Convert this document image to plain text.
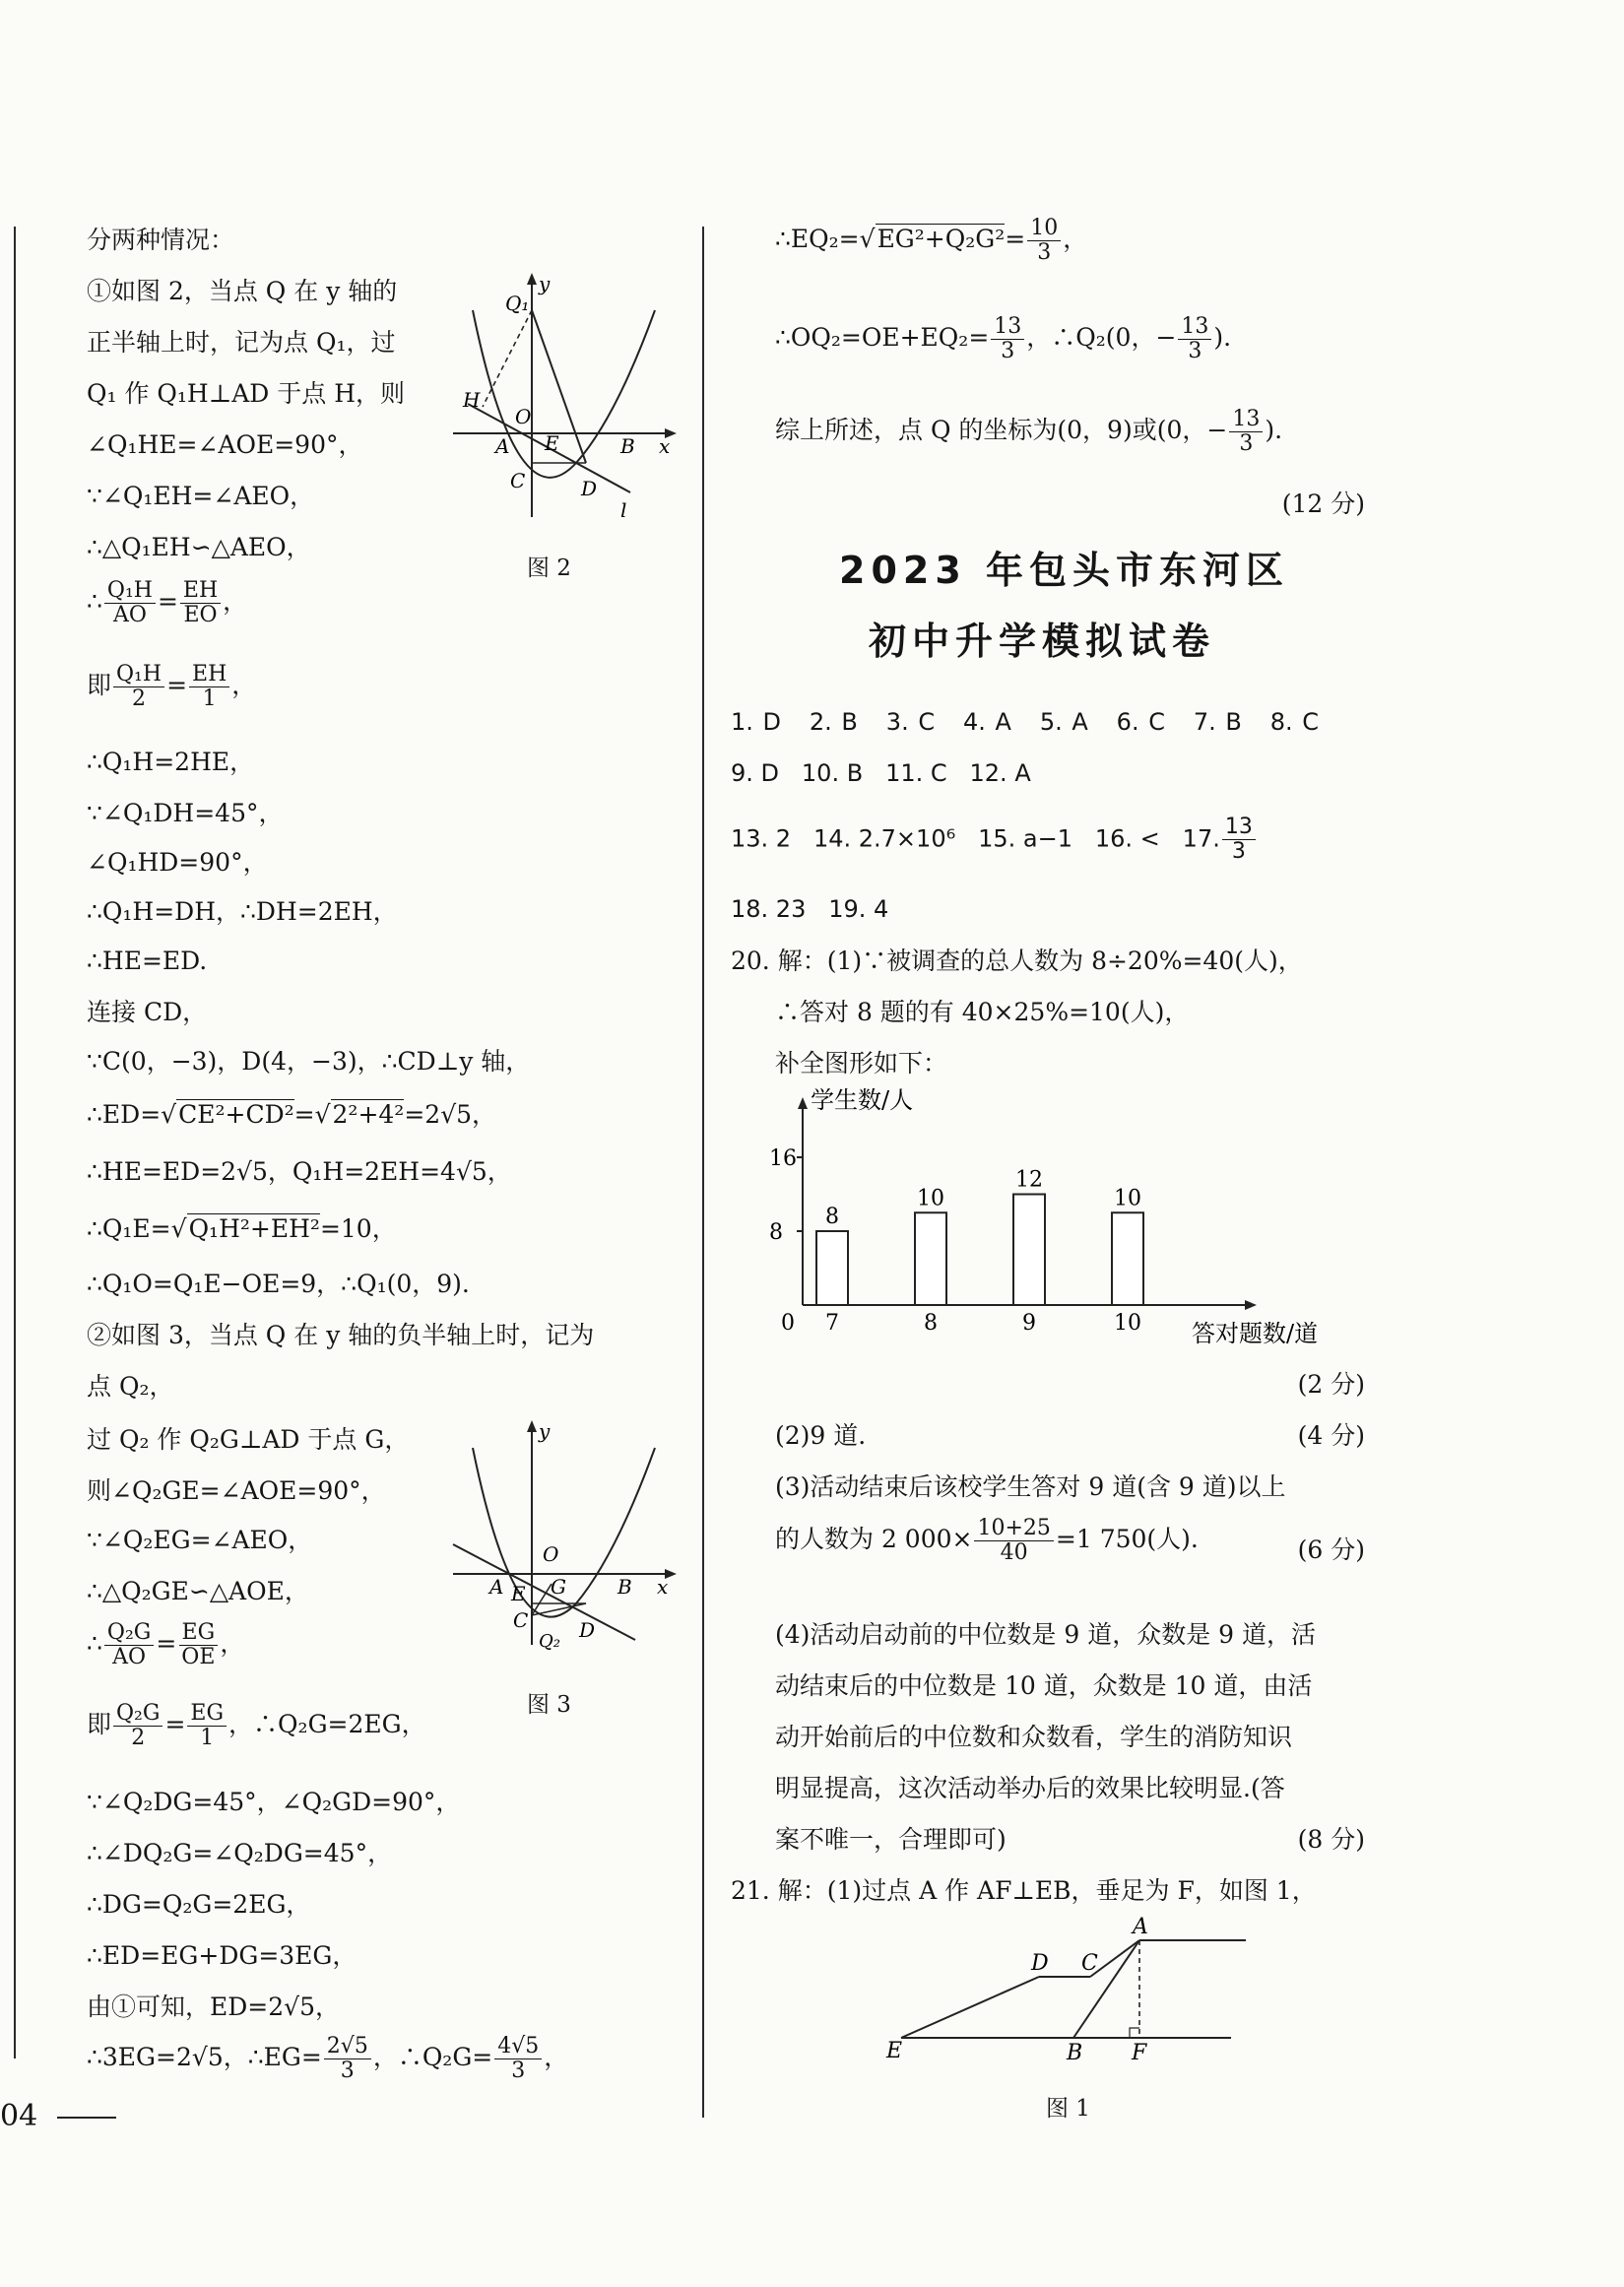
分两种情况：
①如图 2，当点 Q 在 y 轴的
正半轴上时，记为点 Q₁，过
Q₁ 作 Q₁H⊥AD 于点 H，则
∠Q₁HE=∠AOE=90°，
∵∠Q₁EH=∠AEO，
∴△Q₁EH∽△AEO，
∴ $\frac{\text{Q₁H}}{AO} = \frac{EH}{EO}$ ，
即 $\frac{\text{Q₁H}}{2} = \frac{EH}{1}$ ，
∴Q₁H=2HE，
∵∠Q₁DH=45°，
∠Q₁HD=90°，
∴Q₁H=DH，∴DH=2EH，
∴HE=ED.
连接 CD，
∵C(0，−3)，D(4，−3)，∴CD⊥y 轴，
∴ED=√CE²+CD²=√2²+4²=2√5，
∴HE=ED=2√5，Q₁H=2EH=4√5，
∴Q₁E=√Q₁H²+EH²=10，
∴Q₁O=Q₁E−OE=9，∴Q₁(0，9).
②如图 3，当点 Q 在 y 轴的负半轴上时，记为
点 Q₂，
过 Q₂ 作 Q₂G⊥AD 于点 G，
则∠Q₂GE=∠AOE=90°，
∵∠Q₂EG=∠AEO，
∴△Q₂GE∽△AOE，
∴ $\frac{\text{Q₂G}}{AO} = \frac{EG}{OE}$ ，
即 $\frac{\text{Q₂G}}{2} = \frac{EG}{1}$ ，∴Q₂G=2EG，
∵∠Q₂DG=45°，∠Q₂GD=90°，
∴∠DQ₂G=∠Q₂DG=45°，
∴DG=Q₂G=2EG，
∴ED=EG+DG=3EG，
由①可知，ED=2√5，
∴3EG=2√5，∴EG= $\frac{2√5}{3}$ ，∴Q₂G= $\frac{4√5}{3}$ ，
Q₁
y
H
O
A E	B x
C	D
l
图 2
y
O
A E G	B x
C
Q₂ D
图 3
∴EQ₂=√EG²+Q₂G²= $\frac{10}{3}$ ，
∴OQ₂=OE+EQ₂= $\frac{13}{3}$ ，∴Q₂(0，− $\frac{13}{3}$ ).
综上所述，点 Q 的坐标为(0，9)或(0，− $\frac{13}{3}$ ).
(12 分)
2023 年包头市东河区
初中升学模拟试卷
1. D 2. B 3. C 4. A 5. A 6. C 7. B 8. C
9. D 10. B 11. C 12. A
13. 2 14. 2.7×10⁶ 15. a−1 16. < 17. $\frac{13}{3}$
18. 23 19. 4
20. 解：(1)∵被调查的总人数为 8÷20%=40(人)，
∴答对 8 题的有 40×25%=10(人)，
补全图形如下：
学生数/人
答对题数/道
0
16
8
8
7
10
8
12
9
10
10
(2 分)
(2)9 道.	(4 分)
(3)活动结束后该校学生答对 9 道(含 9 道)以上
的人数为 2 $000\times \frac{10+25}{40} =1$ 750(人).	(6 分)
(4)活动启动前的中位数是 9 道，众数是 9 道，活
动结束后的中位数是 10 道，众数是 10 道，由活
动开始前后的中位数和众数看，学生的消防知识
明显提高，这次活动举办后的效果比较明显.(答
案不唯一，合理即可)	(8 分)
21. 解：(1)过点 A 作 AF⊥EB，垂足为 F，如图 1，
A
C
D
E	B F
图 1
04
